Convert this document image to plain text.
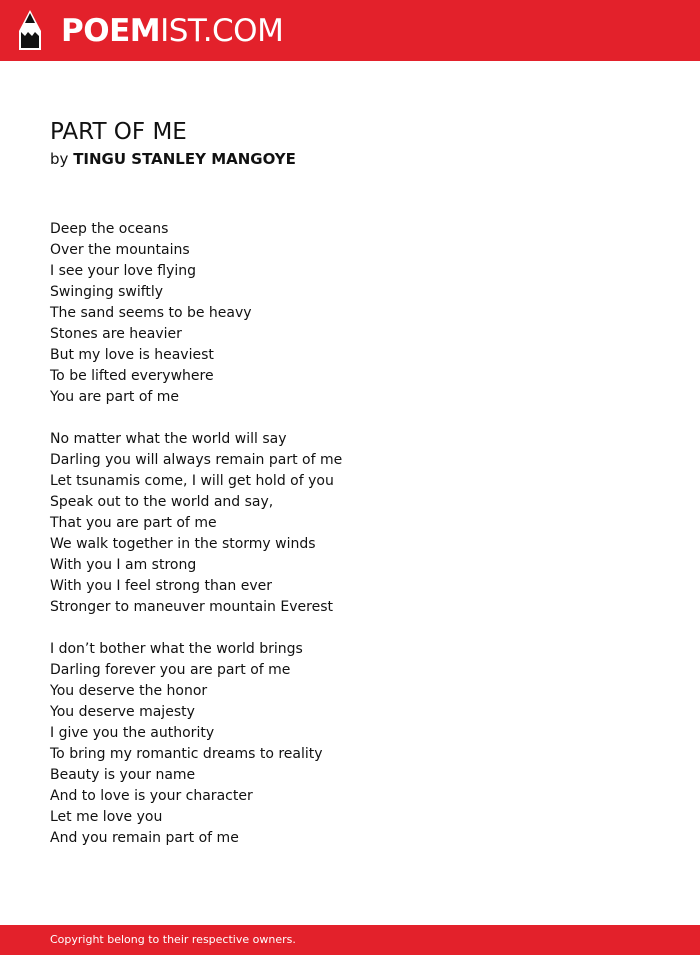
POEMIST.COM
PART OF ME
by TINGU STANLEY MANGOYE
Deep the oceans
Over the mountains
I see your love flying
Swinging swiftly
The sand seems to be heavy
Stones are heavier
But my love is heaviest
To be lifted everywhere
You are part of me
No matter what the world will say
Darling you will always remain part of me
Let tsunamis come, I will get hold of you
Speak out to the world and say,
That you are part of me
We walk together in the stormy winds
With you I am strong
With you I feel strong than ever
Stronger to maneuver mountain Everest
I don’t bother what the world brings
Darling forever you are part of me
You deserve the honor
You deserve majesty
I give you the authority
To bring my romantic dreams to reality
Beauty is your name
And to love is your character
Let me love you
And you remain part of me
Copyright belong to their respective owners.
